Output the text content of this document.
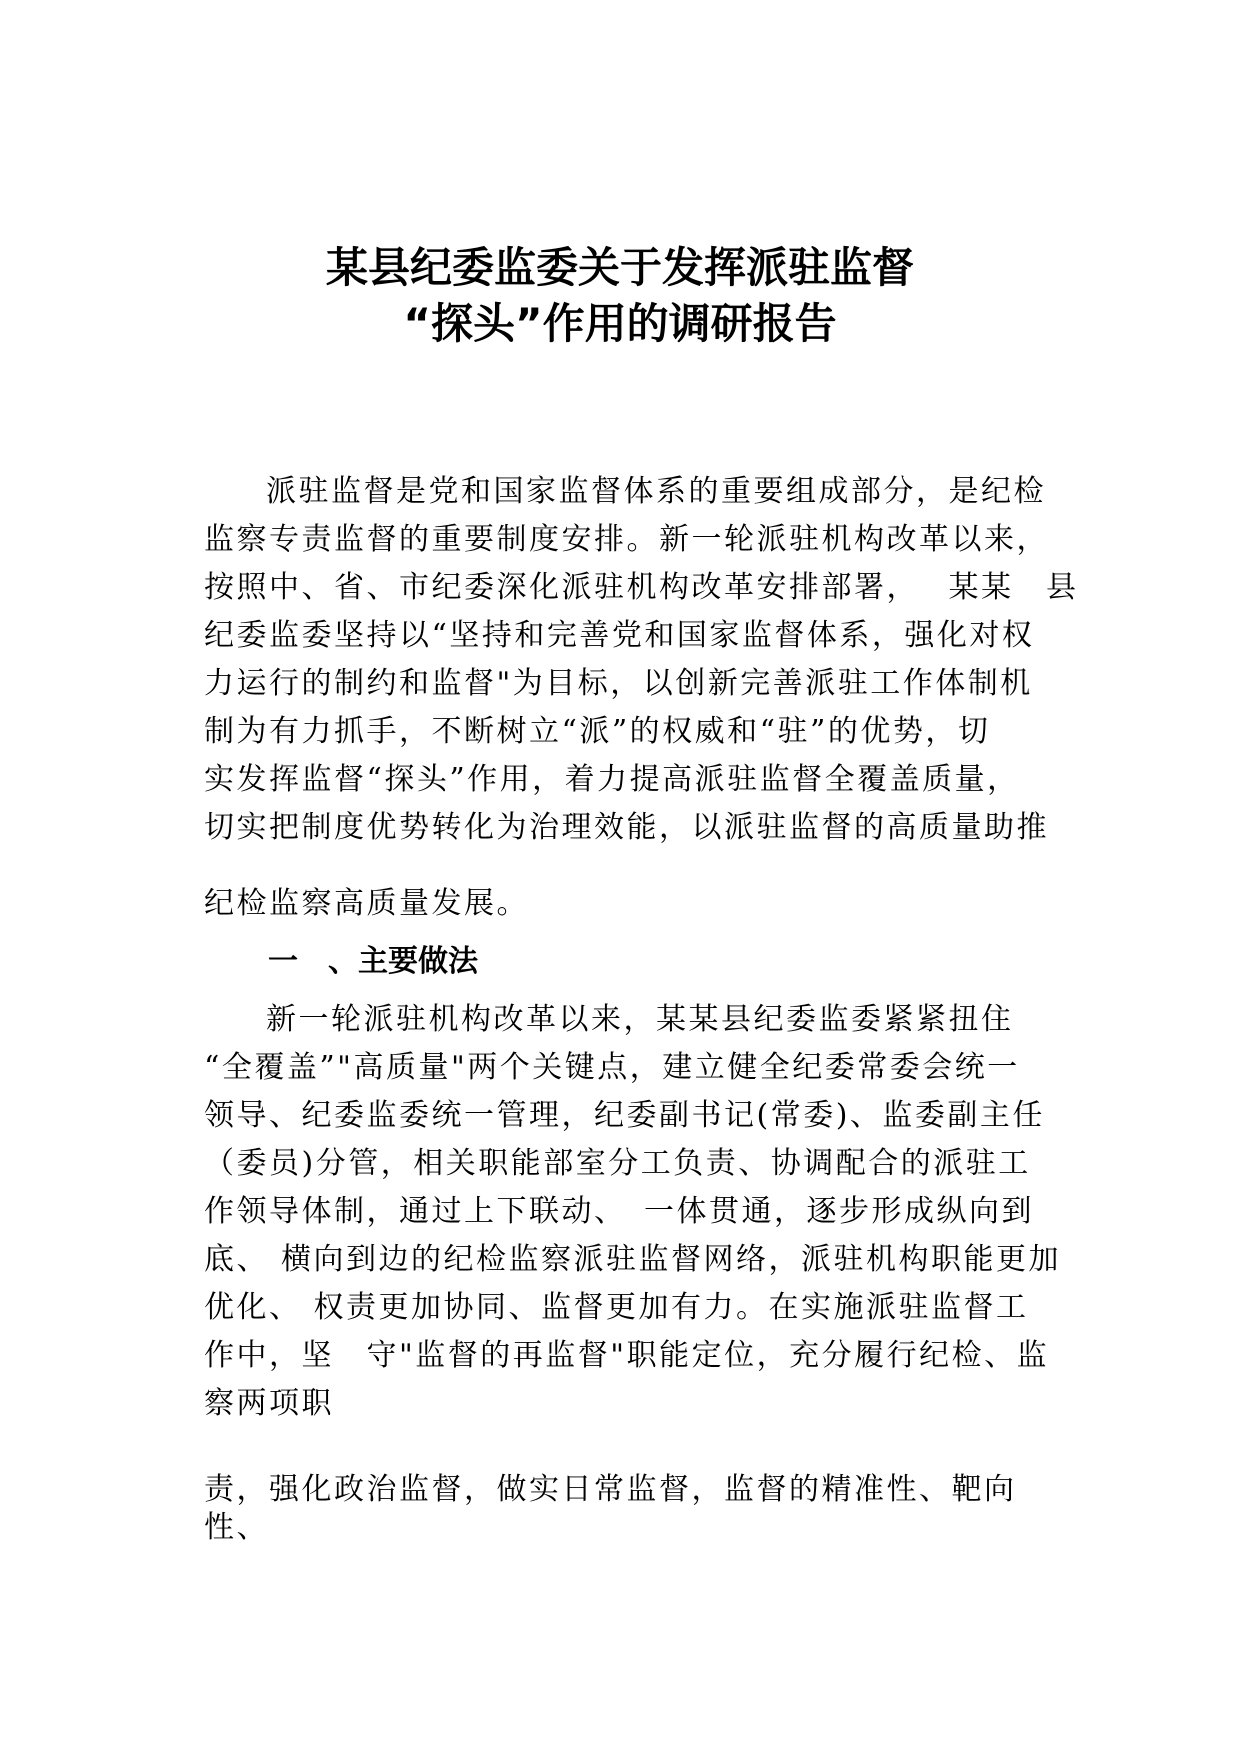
某县纪委监委关于发挥派驻监督
“探头”作用的调研报告
派驻监督是党和国家监督体系的重要组成部分，是纪检
监察专责监督的重要制度安排。新一轮派驻机构改革以来，
按照中、省、市纪委深化派驻机构改革安排部署，　 某某　县
纪委监委坚持以“坚持和完善党和国家监督体系，强化对权
力运行的制约和监督"为目标，以创新完善派驻工作体制机
制为有力抓手，不断树立“派”的权威和“驻”的优势，切
实发挥监督“探头”作用，着力提高派驻监督全覆盖质量，
切实把制度优势转化为治理效能，以派驻监督的高质量助推
纪检监察高质量发展。
一　、主要做法
新一轮派驻机构改革以来，某某县纪委监委紧紧扭住
“全覆盖”"高质量"两个关键点，建立健全纪委常委会统一
领导、纪委监委统一管理，纪委副书记(常委)、监委副主任
（委员)分管，相关职能部室分工负责、协调配合的派驻工
作领导体制，通过上下联动、　一体贯通，逐步形成纵向到
底、 横向到边的纪检监察派驻监督网络，派驻机构职能更加
优化、 权责更加协同、监督更加有力。在实施派驻监督工
作中，坚　守"监督的再监督"职能定位，充分履行纪检、监
察两项职
责，强化政治监督，做实日常监督，监督的精准性、靶向
性、
